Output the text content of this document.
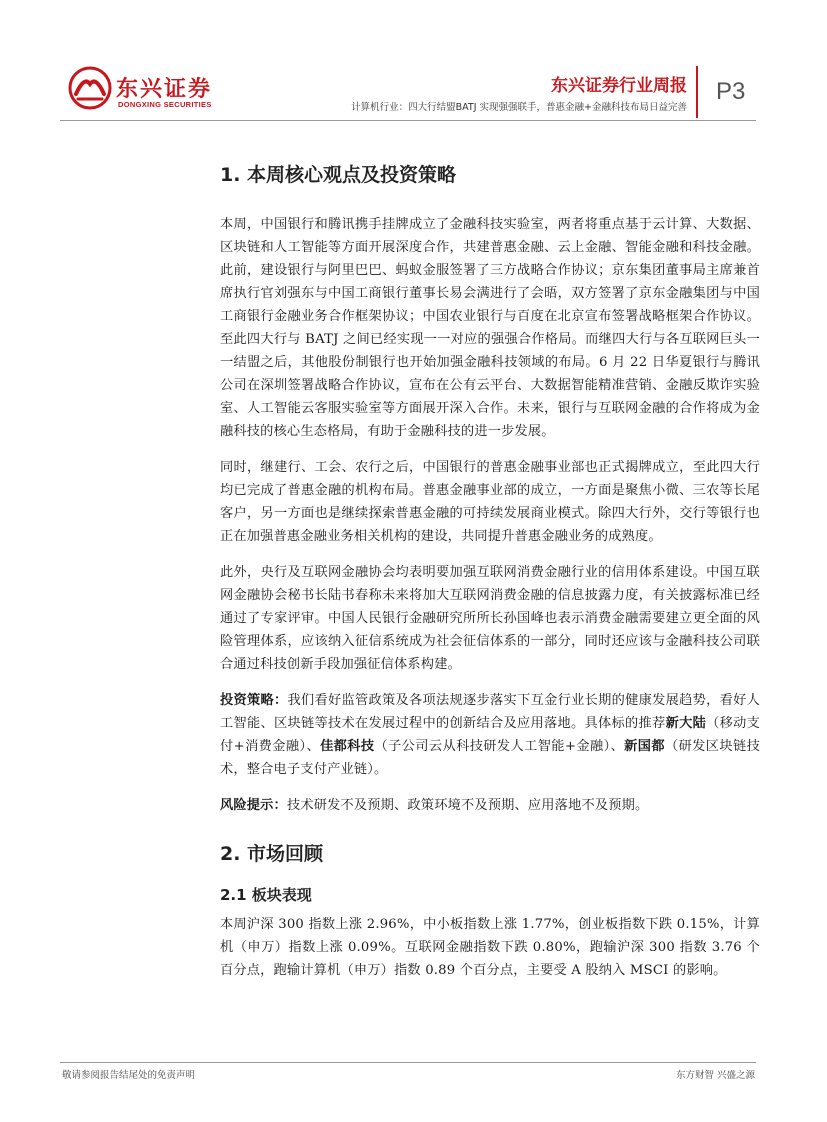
东兴证券
DONGXING SECURITIES
东兴证券行业周报
计算机行业：四大行结盟BATJ 实现强强联手，普惠金融+金融科技布局日益完善
P3
1. 本周核心观点及投资策略

本周，中国银行和腾讯携手挂牌成立了金融科技实验室，两者将重点基于云计算、大数据、区块链和人工智能等方面开展深度合作，共建普惠金融、云上金融、智能金融和科技金融。此前，建设银行与阿里巴巴、蚂蚁金服签署了三方战略合作协议；京东集团董事局主席兼首席执行官刘强东与中国工商银行董事长易会满进行了会晤，双方签署了京东金融集团与中国工商银行金融业务合作框架协议；中国农业银行与百度在北京宣布签署战略框架合作协议。至此四大行与 BATJ 之间已经实现一一对应的强强合作格局。而继四大行与各互联网巨头一一结盟之后，其他股份制银行也开始加强金融科技领域的布局。6 月 22 日华夏银行与腾讯公司在深圳签署战略合作协议，宣布在公有云平台、大数据智能精准营销、金融反欺诈实验室、人工智能云客服实验室等方面展开深入合作。未来，银行与互联网金融的合作将成为金融科技的核心生态格局，有助于金融科技的进一步发展。

同时，继建行、工会、农行之后，中国银行的普惠金融事业部也正式揭牌成立，至此四大行均已完成了普惠金融的机构布局。普惠金融事业部的成立，一方面是聚焦小微、三农等长尾客户，另一方面也是继续探索普惠金融的可持续发展商业模式。除四大行外，交行等银行也正在加强普惠金融业务相关机构的建设，共同提升普惠金融业务的成熟度。

此外，央行及互联网金融协会均表明要加强互联网消费金融行业的信用体系建设。中国互联网金融协会秘书长陆书春称未来将加大互联网消费金融的信息披露力度，有关披露标准已经通过了专家评审。中国人民银行金融研究所所长孙国峰也表示消费金融需要建立更全面的风险管理体系，应该纳入征信系统成为社会征信体系的一部分，同时还应该与金融科技公司联合通过科技创新手段加强征信体系构建。

投资策略：我们看好监管政策及各项法规逐步落实下互金行业长期的健康发展趋势，看好人工智能、区块链等技术在发展过程中的创新结合及应用落地。具体标的推荐新大陆（移动支付+消费金融）、佳都科技（子公司云从科技研发人工智能+金融）、新国都（研发区块链技术，整合电子支付产业链）。

风险提示：技术研发不及预期、政策环境不及预期、应用落地不及预期。

2. 市场回顾
2.1 板块表现

本周沪深 300 指数上涨 2.96%，中小板指数上涨 1.77%，创业板指数下跌 0.15%，计算机（申万）指数上涨 0.09%。互联网金融指数下跌 0.80%，跑输沪深 300 指数 3.76 个百分点，跑输计算机（申万）指数 0.89 个百分点，主要受 A 股纳入 MSCI 的影响。

敬请参阅报告结尾处的免责声明	东方财智 兴盛之源
